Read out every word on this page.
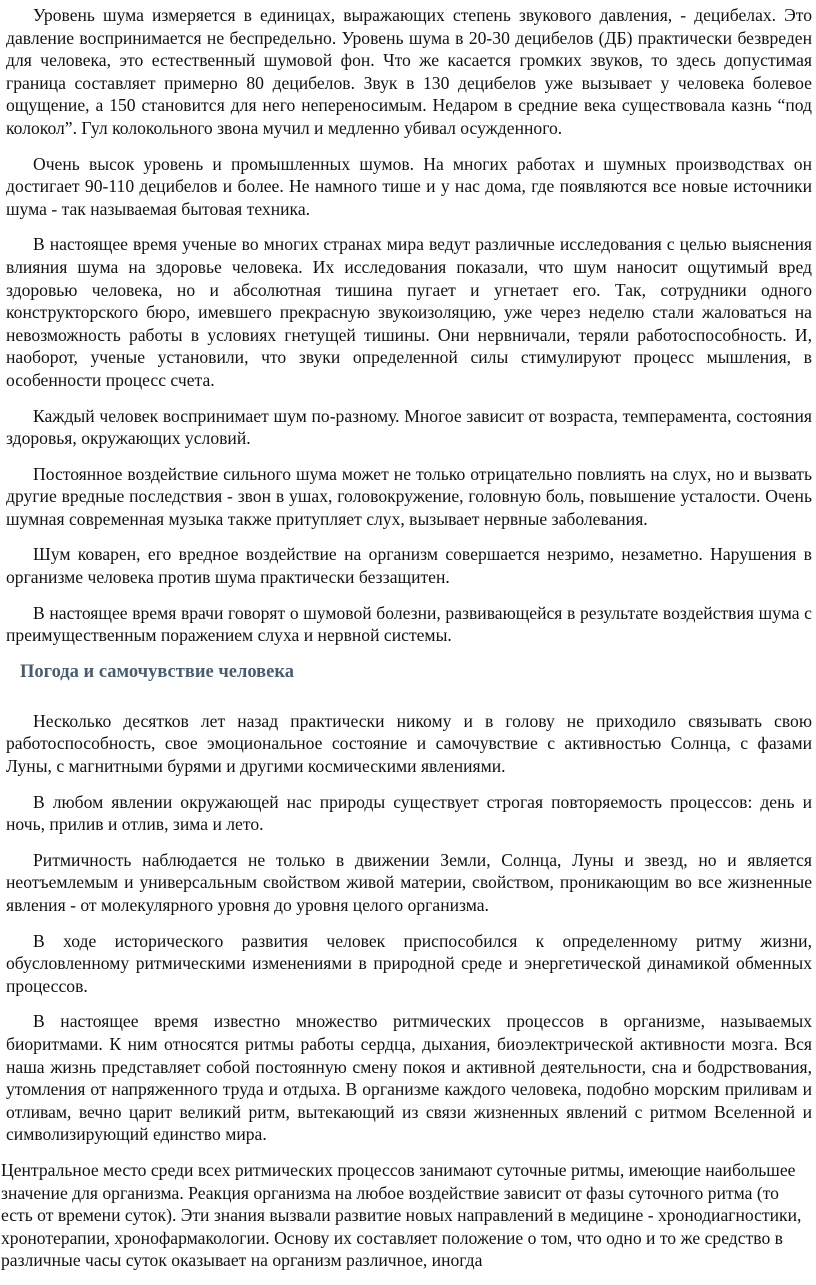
Уровень шума измеряется в единицах, выражающих степень звукового давления, - децибелах. Это давление воспринимается не беспредельно. Уровень шума в 20-30 децибелов (ДБ) практически безвреден для человека, это естественный шумовой фон. Что же касается громких звуков, то здесь допустимая граница составляет примерно 80 децибелов. Звук в 130 децибелов уже вызывает у человека болевое ощущение, а 150 становится для него непереносимым. Недаром в средние века существовала казнь “под колокол”. Гул колокольного звона мучил и медленно убивал осужденного.

Очень высок уровень и промышленных шумов. На многих работах и шумных производствах он достигает 90-110 децибелов и более. Не намного тише и у нас дома, где появляются все новые источники шума - так называемая бытовая техника.

В настоящее время ученые во многих странах мира ведут различные исследования с целью выяснения влияния шума на здоровье человека. Их исследования показали, что шум наносит ощутимый вред здоровью человека, но и абсолютная тишина пугает и угнетает его. Так, сотрудники одного конструкторского бюро, имевшего прекрасную звукоизоляцию, уже через неделю стали жаловаться на невозможность работы в условиях гнетущей тишины. Они нервничали, теряли работоспособность. И, наоборот, ученые установили, что звуки определенной силы стимулируют процесс мышления, в особенности процесс счета.

Каждый человек воспринимает шум по-разному. Многое зависит от возраста, темперамента, состояния здоровья, окружающих условий.

Постоянное воздействие сильного шума может не только отрицательно повлиять на слух, но и вызвать другие вредные последствия - звон в ушах, головокружение, головную боль, повышение усталости. Очень шумная современная музыка также притупляет слух, вызывает нервные заболевания.

Шум коварен, его вредное воздействие на организм совершается незримо, незаметно. Нарушения в организме человека против шума практически беззащитен.

В настоящее время врачи говорят о шумовой болезни, развивающейся в результате воздействия шума с преимущественным поражением слуха и нервной системы.

Погода и самочувствие человека

Несколько десятков лет назад практически никому и в голову не приходило связывать свою работоспособность, свое эмоциональное состояние и самочувствие с активностью Солнца, с фазами Луны, с магнитными бурями и другими космическими явлениями.

В любом явлении окружающей нас природы существует строгая повторяемость процессов: день и ночь, прилив и отлив, зима и лето.

Ритмичность наблюдается не только в движении Земли, Солнца, Луны и звезд, но и является неотъемлемым и универсальным свойством живой материи, свойством, проникающим во все жизненные явления - от молекулярного уровня до уровня целого организма.

В ходе исторического развития человек приспособился к определенному ритму жизни, обусловленному ритмическими изменениями в природной среде и энергетической динамикой обменных процессов.

В настоящее время известно множество ритмических процессов в организме, называемых биоритмами. К ним относятся ритмы работы сердца, дыхания, биоэлектрической активности мозга. Вся наша жизнь представляет собой постоянную смену покоя и активной деятельности, сна и бодрствования, утомления от напряженного труда и отдыха. В организме каждого человека, подобно морским приливам и отливам, вечно царит великий ритм, вытекающий из связи жизненных явлений с ритмом Вселенной и символизирующий единство мира.

Центральное место среди всех ритмических процессов занимают суточные ритмы, имеющие наибольшее значение для организма. Реакция организма на любое воздействие зависит от фазы суточного ритма (то есть от времени суток). Эти знания вызвали развитие новых направлений в медицине - хронодиагностики, хронотерапии, хронофармакологии. Основу их составляет положение о том, что одно и то же средство в различные часы суток оказывает на организм различное, иногда
